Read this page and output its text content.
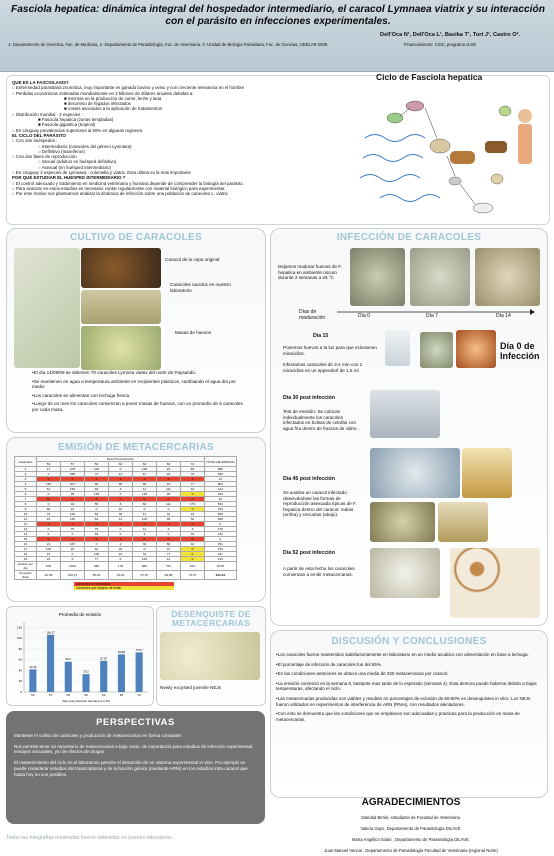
Fasciola hepatica: dinámica integral del hospedador intermediario, el caracol Lymnaea viatrix y su interacción con el parásito en infecciones experimentales.
Dell'Oca N¹, Dell'Oca L¹, Basika T¹, Tort J¹, Castro O².
1- Departamento de Genética, Fac. de Medicina, 2 -Departamento de Parasitología, Fac. de Veterinaria. 3 -Unidad de Biología Parasitaria, Fac. de Ciencias, UDELAR 2009.	Financiamiento: CSIC, programa GAIE
QUE ES LA FASCIOLASIS?
○ Enfermedad parasitaria zoonótica, muy importante en ganado bovino y ovino y con creciente relevancia en el hombre
○ Perdidas económicas estimadas mundialmente en 2 billones de dólares anuales debidas a:
■ mermas en la producción de carne, leche y lana
■ decomiso de hígados infectados
■ costos asociados a la aplicación de tratamientos
○ Distribución mundial - 2 especies :
■ Fasciola hepatica (zonas templadas)
■ Fasciola gigantica (tropical)
○ En Uruguay prevalencias superiores al 50% en algunas regiones.
EL CICLO DEL PARÁSITO
○ Con dos huéspedes :
○ Intermediario (caracoles del género Lymnaea)
○ Definitivo (mamíferos)
○ Con dos fases de reproducción
○ Sexual (adultos en huésped definitivo)
○ Asexual (en huésped intermediario)
○ En Uruguay 2 especies de Lymnaea : columella y viatrix. Esta ultima es la mas importante
POR QUE ESTUDIAR EL HUESPED INTERMEDIARIO ?
○ El control adecuado y tratamiento en medicina veterinaria y humana depende de comprender la biología del parásito.
○ Para avanzar en estos estudios es necesario contar regularmente con material biológico para experimentar.
○ Por este motivo nos planteamos analizar la dinámica de infección sobre una población de caracoles L. viatrix
Ciclo de Fasciola hepatica
CULTIVO DE CARACOLES
Caracol de la cepa original
Caracoles nacidos en nuestro laboratorio
Masas de huevos
•El día 14/09/09 se obtienen 70 caracoles Lymnea viatrix del norte de Paysandú.
•Se mantienen en agua a temperatura ambiente en recipientes plásticos, cambiando el agua día por medio
•Los caracoles se alimentan con lechuga fresca.
•Luego de un mes los caracoles comienzan a poner masas de huevos, con un promedio de 5 caracoles por cada masa.
EMISIÓN DE METACERCARIAS
Caracoles	Días Post-infección							TOTAL DE EMISION
	52	57	59	60	62	66	72	
1	17	275	100	0	190	15	89	686
2	0	258	73	13	67	49	79	539
3	0	0	0	2	0	6	6	14
4	150	407	58	55	66	91	77	804
5	51	150	46	3	11	111	42	414
6	0	99	148	0	128	28	0	403
7	23	0	0	0	0	0	0	23
8	0	94	55	8	60	111	175	503
9	69	42	0	43	0	0	0	154
10	79	220	53	30	67	32	24	505
11	10	130	84	12	100	99	50	485
12	0	0	0	0	0	0	0	0
13	0	75	75	0	11	6	3	170
14	0	0	84	0	5	0	33	122
15	0	0	0	0	0	0	0	0
16	21	167	0	2	39	80	42	351
17	109	20	84	20	0	37	0	270
18	15	0	105	16	34	77	0	247
19	23	0	77	0	102	12	0	214
Emisión por día	676	1924	949	176	862	751	513	5278
Promedio diario	42.06	106.27	56.20	33.20	57.87	69.88	73.57	320.94
Caracoles no infectados
Caracoles que dejaron de emitir
Promedio de emisión
0
20
40
60
80
100
120
42.06
52
106.27
57
56.2
59
33.2
60
57.87
62
69.88
66
73.57
72
días post-infección (semana 4 a 15)
DESENQUISTE DE METACERCARIAS
Newly excysted juvenile NEJs
PERSPECTIVAS

Mantener el cultivo de caracoles y producción de metacercarias en forma constante:

Nos permite tener un repositorio de metacercarias a bajo costo, de importancia para estudios de infección experimental, ensayos vacunales, y/o de efectos de drogas.

El mantenimiento del ciclo en el laboratorio permite el desarrollo de un sistema experimental in vitro. Por ejemplo se puede considerar estudios del transcriptoma y de la función génica (mediante ARNi) en los estadios intra-caracol que hasta hoy no son posibles.

INFECCIÓN DE CARACOLES
Dejamos madurar huevos de F. hepatica en ambiente oscuro durante 2 semanas a 26 °C
Días de maduración	Día 0	Día 7	Día 14
Día 15
Ponemos huevos a la luz para que eclosionen miracidios.
Infectamos caracoles de 3-4 mm con 2 miracidios en un eppendorf de 1.5 ml
Día 0 de Infección
Día 30 post infección
Test de emisión. Se colocan individualmente los caracoles infectados en bolsas de celofán con agua fría dentro de frascos de vidrio .
Día 45 post infección
Se analiza un caracol infectado observándose las formas de reproducción asexuada típicas de F. hepatica dentro del caracol: redias (arriba) y cercarias (abajo).
Día 52 post infección
A partir de esta fecha los caracoles comienzan a emitir metacercarias.
DISCUSIÓN Y CONCLUSIONES

•Los caracoles fueron mantenidos satisfactoriamente en laboratorio en un medio acuático con alimentación en base a lechuga.

•El porcentaje de infección de caracoles fue del 85%.

•En las condiciones anteriores se obtuvo una media de 330 metacercarias por caracol.

•La emisión comenzó en la semana 8, bastante mas tarde de lo esperado (semana 4). Esta demora puede haberse debido a bajas temperaturas, afectando el ciclo.

•Las metacercarias producidas son viables y resultan en porcentajes de eclosión de 60-80% en desenquistes in vitro. Los NEJs fueron utilizados en experimentos de interferencia de ARN (RNAi), con resultados alentadores.

•Con esto se demuestra que las condiciones que se emplearon son adecuadas y practicas para la producción en masa de metacercarias.

AGRADECIMIENTOS

Soledad Birriel, estudiante de Facultad de Veterinaria.

Valeria Gayo, Departamento de Parasitología DILAVE.

María Angélica Solari , Departamento de Parasitología DILAVE.

Juan Manuel Vencal , Departamento de Parasitología Facultad de Veterinaria (regional Norte)

Todas las fotografías mostradas fueron obtenidas en nuestro laboratorio.
